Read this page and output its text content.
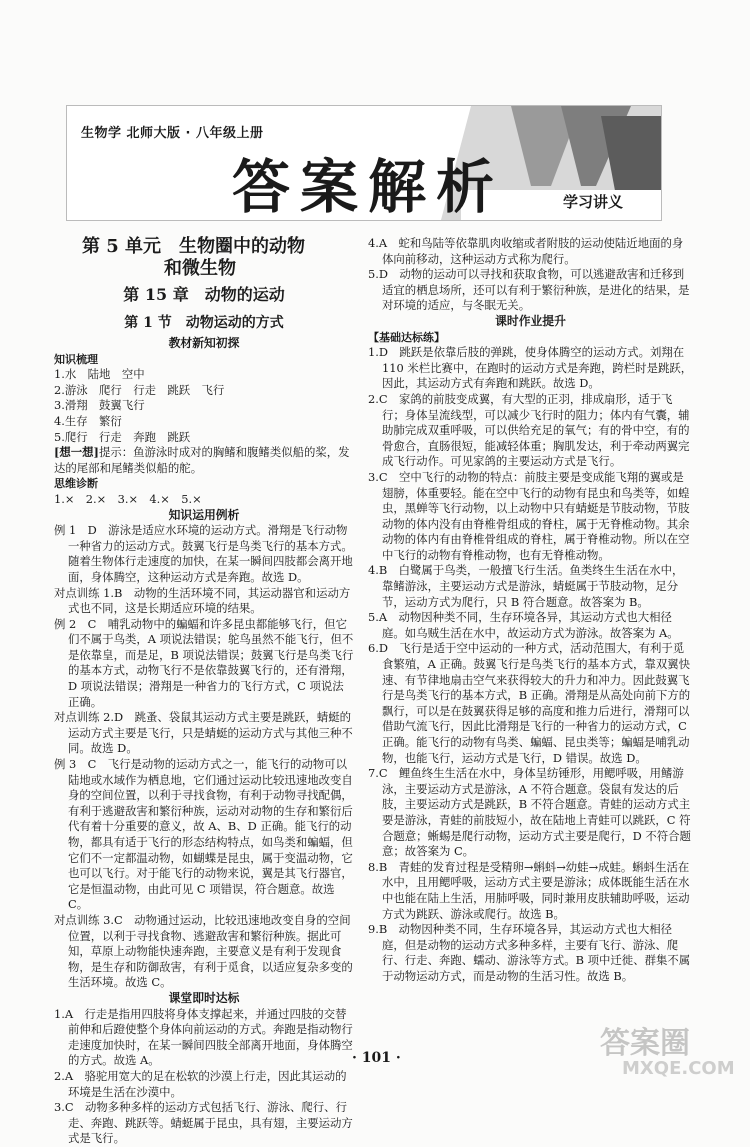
生物学 北师大版 · 八年级上册
答案解析	学习讲义
第 5 单元　生物圈中的动物
和微生物
第 15 章　动物的运动
第 1 节　动物运动的方式
教材新知初探
知识梳理
1.水　陆地　空中
2.游泳　爬行　行走　跳跃　飞行
3.滑翔　鼓翼飞行
4.生存　繁衍
5.爬行　行走　奔跑　跳跃
[想一想]提示：鱼游泳时成对的胸鳍和腹鳍类似船的桨，发达的尾部和尾鳍类似船的舵。
思维诊断
1.×　2.×　3.×　4.×　5.×
知识运用例析
例 1　D　游泳是适应水环境的运动方式。滑翔是飞行动物一种省力的运动方式。鼓翼飞行是鸟类飞行的基本方式。随着生物体行走速度的加快，在某一瞬间四肢都会离开地面，身体腾空，这种运动方式是奔跑。故选 D。
对点训练 1.B　动物的生活环境不同，其运动器官和运动方式也不同，这是长期适应环境的结果。
例 2　C　哺乳动物中的蝙蝠和许多昆虫都能够飞行，但它们不属于鸟类，A 项说法错误；鸵鸟虽然不能飞行，但不是依靠皇，而是足，B 项说法错误；鼓翼飞行是鸟类飞行的基本方式，动物飞行不是依靠鼓翼飞行的，还有滑翔，D 项说法错误；滑翔是一种省力的飞行方式，C 项说法正确。
对点训练 2.D　跳蚤、袋鼠其运动方式主要是跳跃，蜻蜓的运动方式主要是飞行，只是蜻蜓的运动方式与其他三种不同。故选 D。
例 3　C　飞行是动物的运动方式之一，能飞行的动物可以陆地或水域作为栖息地，它们通过运动比较迅速地改变自身的空间位置，以利于寻找食物，有利于动物寻找配偶，有利于逃避敌害和繁衍种族，运动对动物的生存和繁衍后代有着十分重要的意义，故 A、B、D 正确。能飞行的动物，都具有适于飞行的形态结构特点，如鸟类和蝙蝠，但它们不一定都温动物，如蝴蝶是昆虫，属于变温动物，它也可以飞行。对于能飞行的动物来说，翼是其飞行器官，它是恒温动物，由此可见 C 项错误，符合题意。故选 C。
对点训练 3.C　动物通过运动，比较迅速地改变自身的空间位置，以利于寻找食物、逃避敌害和繁衍种族。据此可知，草原上动物能快速奔跑，主要意义是有利于发现食物，是生存和防御敌害，有利于觅食，以适应复杂多变的生活环境。故选 C。
课堂即时达标
1.A　行走是指用四肢将身体支撑起来，并通过四肢的交替前伸和后蹬使整个身体向前运动的方式。奔跑是指动物行走速度加快时，在某一瞬间四肢全部离开地面，身体腾空的方式。故选 A。
2.A　骆驼用宽大的足在松软的沙漠上行走，因此其运动的环境是生活在沙漠中。
3.C　动物多种多样的运动方式包括飞行、游泳、爬行、行走、奔跑、跳跃等。蜻蜓属于昆虫，具有翅，主要运动方式是飞行。
4.A　蛇和鸟陆等依靠肌肉收缩或者附肢的运动使陆近地面的身体向前移动，这种运动方式称为爬行。
5.D　动物的运动可以寻找和获取食物，可以逃避敌害和迁移到适宜的栖息场所，还可以有利于繁衍种族，是进化的结果，是对环境的适应，与冬眠无关。
课时作业提升
【基础达标练】
1.D　跳跃是依靠后肢的弹跳，使身体腾空的运动方式。刘翔在 110 米栏比赛中，在跑时的运动方式是奔跑，跨栏时是跳跃，因此，其运动方式有奔跑和跳跃。故选 D。
2.C　家鸽的前肢变成翼，有大型的正羽，排成扇形，适于飞行；身体呈流线型，可以减少飞行时的阻力；体内有气囊，辅助肺完成双重呼吸，可以供给充足的氧气；有的骨中空，有的骨愈合，直肠很短，能减轻体重；胸肌发达，利于牵动两翼完成飞行动作。可见家鸽的主要运动方式是飞行。
3.C　空中飞行的动物的特点：前肢主要是变成能飞翔的翼或是翅膀，体重要轻。能在空中飞行的动物有昆虫和鸟类等，如蝗虫，黑蝉等飞行动物，以上动物中只有蜻蜓是节肢动物，节肢动物的体内没有由脊椎骨组成的脊柱，属于无脊椎动物。其余动物的体内有由脊椎骨组成的脊柱，属于脊椎动物。所以在空中飞行的动物有脊椎动物，也有无脊椎动物。
4.B　白鹭属于鸟类，一般擅飞行生活。鱼类终生生活在水中，靠鳍游泳，主要运动方式是游泳，蜻蜓属于节肢动物，足分节，运动方式为爬行，只 B 符合题意。故答案为 B。
5.A　动物因种类不同，生存环境各异，其运动方式也大相径庭。如乌贼生活在水中，故运动方式为游泳。故答案为 A。
6.D　飞行是适于空中运动的一种方式，活动范围大，有利于觅食繁殖，A 正确。鼓翼飞行是鸟类飞行的基本方式，靠双翼快速、有节律地扇击空气来获得较大的升力和冲力。因此鼓翼飞行是鸟类飞行的基本方式，B 正确。滑翔是从高处向前下方的飘行，可以是在鼓翼获得足够的高度和推力后进行，滑翔可以借助气流飞行，因此比滑翔是飞行的一种省力的运动方式，C 正确。能飞行的动物有鸟类、蝙蝠、昆虫类等；蝙蝠是哺乳动物，也能飞行，运动方式是飞行，D 错误。故选 D。
7.C　鲤鱼终生生活在水中，身体呈纺锤形，用鳃呼吸，用鳍游泳，主要运动方式是游泳，A 不符合题意。袋鼠有发达的后肢，主要运动方式是跳跃，B 不符合题意。青蛙的运动方式主要是游泳，青蛙的前肢短小，故在陆地上青蛙可以跳跃，C 符合题意；蜥蜴是爬行动物，运动方式主要是爬行，D 不符合题意；故答案为 C。
8.B　青蛙的发育过程是受精卵→蝌蚪→幼蛙→成蛙。蝌蚪生活在水中，且用鳃呼吸，运动方式主要是游泳；成体既能生活在水中也能在陆上生活，用肺呼吸，同时兼用皮肤辅助呼吸，运动方式为跳跃、游泳或爬行。故选 B。
9.B　动物因种类不同，生存环境各异，其运动方式也大相径庭，但是动物的运动方式多种多样，主要有飞行、游泳、爬行、行走、奔跑、蠕动、游泳等方式。B 项中迁徙、群集不属于动物运动方式，而是动物的生活习性。故选 B。
· 101 ·	答案圈
MXQE.COM
